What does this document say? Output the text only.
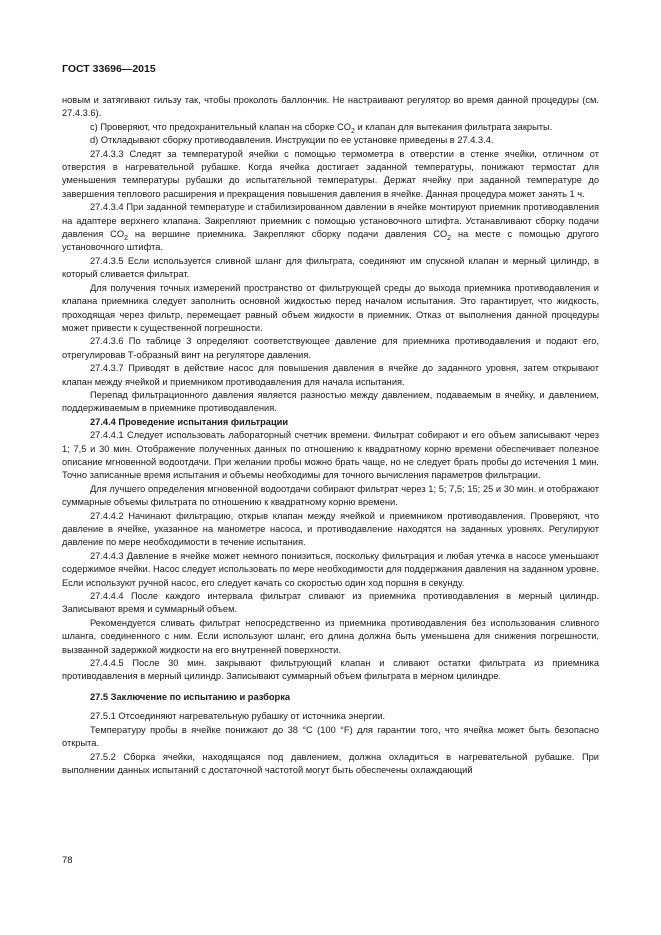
ГОСТ 33696—2015

новым и затягивают гильзу так, чтобы проколоть баллончик. Не настраивают регулятор во время данной процедуры (см. 27.4.3.6).

c) Проверяют, что предохранительный клапан на сборке $CO_2$ и клапан для вытекания фильтрата закрыты.

d) Откладывают сборку противодавления. Инструкции по ее установке приведены в 27.4.3.4.

27.4.3.3 Следят за температурой ячейки с помощью термометра в отверстии в стенке ячейки, отличном от отверстия в нагревательной рубашке. Когда ячейка достигает заданной температуры, понижают термостат для уменьшения температуры рубашки до испытательной температуры. Держат ячейку при заданной температуре до завершения теплового расширения и прекращения повышения давления в ячейке. Данная процедура может занять 1 ч.

27.4.3.4 При заданной температуре и стабилизированном давлении в ячейке монтируют приемник противодавления на адаптере верхнего клапана. Закрепляют приемник с помощью установочного штифта. Устанавливают сборку подачи давления $CO_2$ на вершине приемника. Закрепляют сборку подачи давления $CO_2$ на месте с помощью другого установочного штифта.

27.4.3.5 Если используется сливной шланг для фильтрата, соединяют им спускной клапан и мерный цилиндр, в который сливается фильтрат.

Для получения точных измерений пространство от фильтрующей среды до выхода приемника противодавления и клапана приемника следует заполнить основной жидкостью перед началом испытания. Это гарантирует, что жидкость, проходящая через фильтр, перемещает равный объем жидкости в приемник. Отказ от выполнения данной процедуры может привести к существенной погрешности.

27.4.3.6 По таблице 3 определяют соответствующее давление для приемника противодавления и подают его, отрегулировав Т-образный винт на регуляторе давления.

27.4.3.7 Приводят в действие насос для повышения давления в ячейке до заданного уровня, затем открывают клапан между ячейкой и приемником противодавления для начала испытания.

Перепад фильтрационного давления является разностью между давлением, подаваемым в ячейку, и давлением, поддерживаемым в приемнике противодавления.

27.4.4 Проведение испытания фильтрации

27.4.4.1 Следует использовать лабораторный счетчик времени. Фильтрат собирают и его объем записывают через 1; 7,5 и 30 мин. Отображение полученных данных по отношению к квадратному корню времени обеспечивает полезное описание мгновенной водоотдачи. При желании пробы можно брать чаще, но не следует брать пробы до истечения 1 мин. Точно записанные время испытания и объемы необходимы для точного вычисления параметров фильтрации.

Для лучшего определения мгновенной водоотдачи собирают фильтрат через 1; 5; 7,5; 15; 25 и 30 мин. и отображают суммарные объемы фильтрата по отношению к квадратному корню времени.

27.4.4.2 Начинают фильтрацию, открыв клапан между ячейкой и приемником противодавления. Проверяют, что давление в ячейке, указанное на манометре насоса, и противодавление находятся на заданных уровнях. Регулируют давление по мере необходимости в течение испытания.

27.4.4.3 Давление в ячейке может немного понизиться, поскольку фильтрация и любая утечка в насосе уменьшают содержимое ячейки. Насос следует использовать по мере необходимости для поддержания давления на заданном уровне. Если используют ручной насос, его следует качать со скоростью один ход поршня в секунду.

27.4.4.4 После каждого интервала фильтрат сливают из приемника противодавления в мерный цилиндр. Записывают время и суммарный объем.

Рекомендуется сливать фильтрат непосредственно из приемника противодавления без использования сливного шланга, соединенного с ним. Если используют шланг, его длина должна быть уменьшена для снижения погрешности, вызванной задержкой жидкости на его внутренней поверхности.

27.4.4.5 После 30 мин. закрывают фильтрующий клапан и сливают остатки фильтрата из приемника противодавления в мерный цилиндр. Записывают суммарный объем фильтрата в мерном цилиндре.

27.5 Заключение по испытанию и разборка

27.5.1 Отсоединяют нагревательную рубашку от источника энергии.

Температуру пробы в ячейке понижают до 38 °С (100 °F) для гарантии того, что ячейка может быть безопасно открыта.

27.5.2 Сборка ячейки, находящаяся под давлением, должна охладиться в нагревательной рубашке. При выполнении данных испытаний с достаточной частотой могут быть обеспечены охлаждающий

78
